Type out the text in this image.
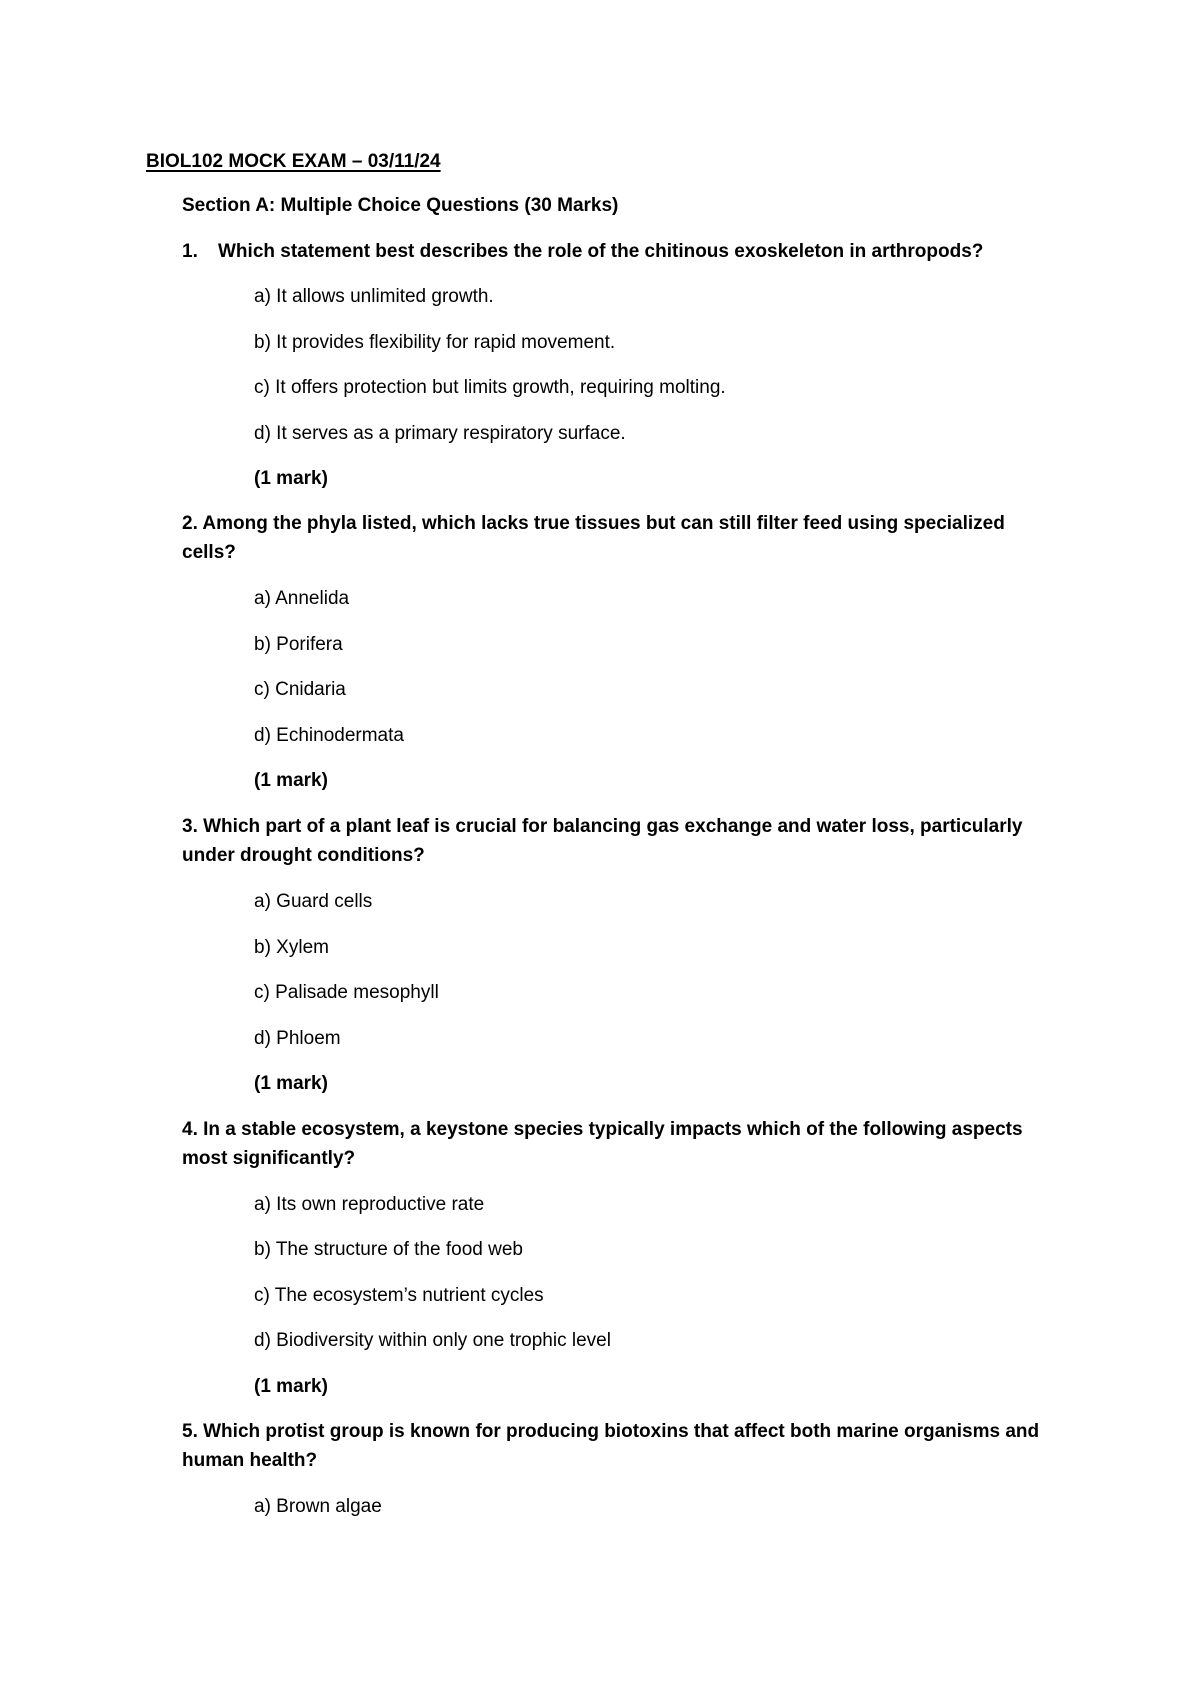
BIOL102 MOCK EXAM – 03/11/24
Section A: Multiple Choice Questions (30 Marks)
1. Which statement best describes the role of the chitinous exoskeleton in arthropods?
a) It allows unlimited growth.
b) It provides flexibility for rapid movement.
c) It offers protection but limits growth, requiring molting.
d) It serves as a primary respiratory surface.
(1 mark)
2. Among the phyla listed, which lacks true tissues but can still filter feed using specialized
cells?
a) Annelida
b) Porifera
c) Cnidaria
d) Echinodermata
(1 mark)
3. Which part of a plant leaf is crucial for balancing gas exchange and water loss, particularly
under drought conditions?
a) Guard cells
b) Xylem
c) Palisade mesophyll
d) Phloem
(1 mark)
4. In a stable ecosystem, a keystone species typically impacts which of the following aspects
most significantly?
a) Its own reproductive rate
b) The structure of the food web
c) The ecosystem’s nutrient cycles
d) Biodiversity within only one trophic level
(1 mark)
5. Which protist group is known for producing biotoxins that affect both marine organisms and
human health?
a) Brown algae
